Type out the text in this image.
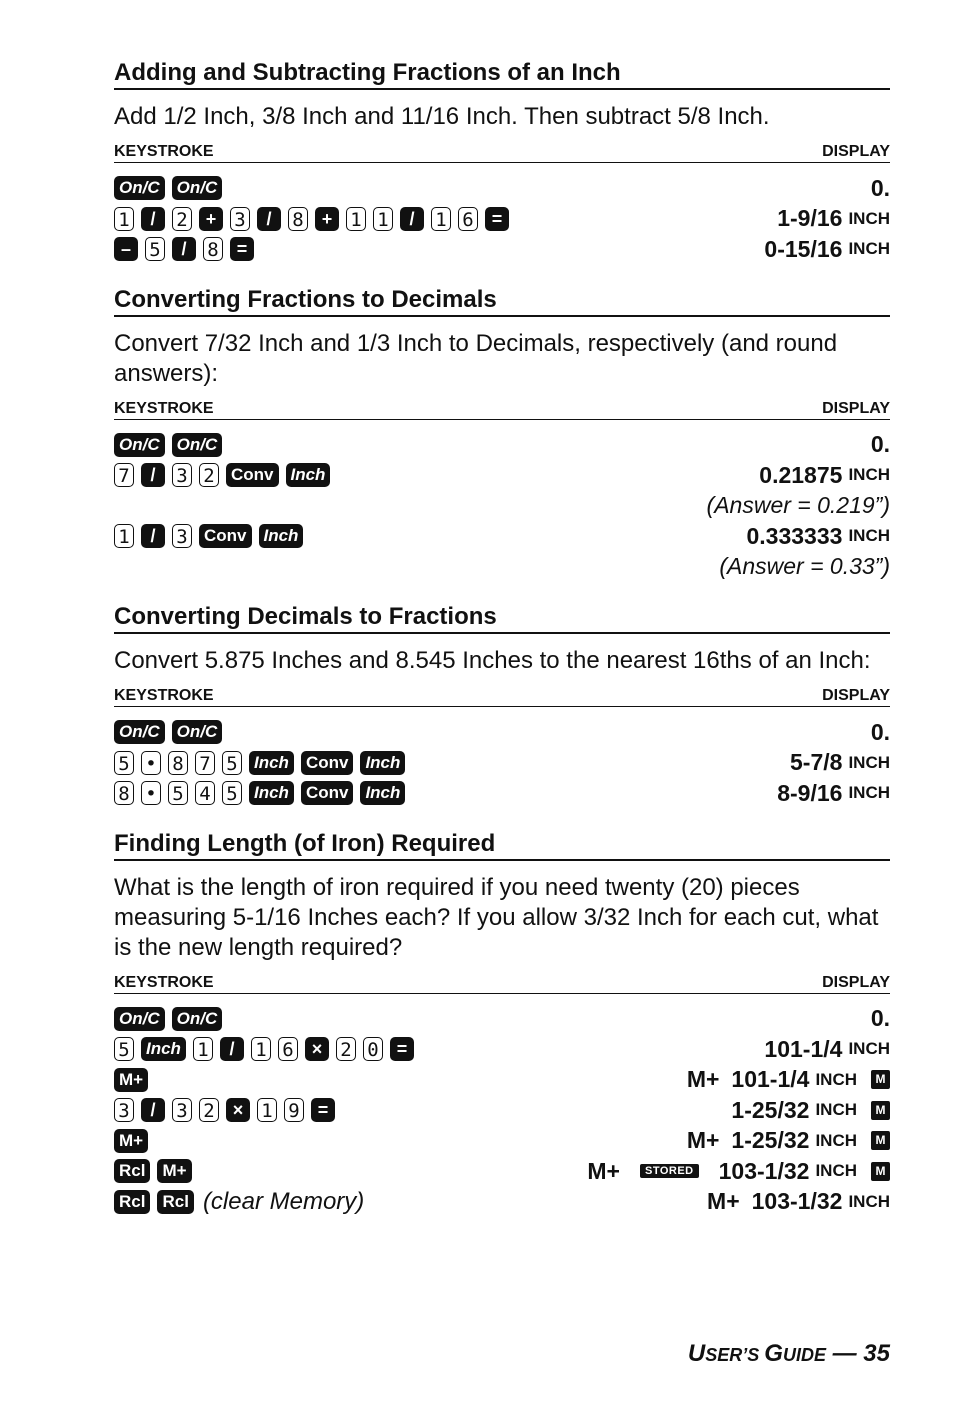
Adding and Subtracting Fractions of an Inch
Add 1/2 Inch, 3/8 Inch and 11/16 Inch. Then subtract 5/8 Inch.
KEYSTROKE	DISPLAY
On/C On/C	0.
1	/	2	+ 3	/	8	+ 1 1	/	1 6	=	1-9/16 INCH
– 5	/	8	=	0-15/16 INCH
Converting Fractions to Decimals
Convert 7/32 Inch and 1/3 Inch to Decimals, respectively (and round answers):
KEYSTROKE	DISPLAY
On/C On/C	0.
7	/	3 2 Conv Inch	0.21875 INCH
(Answer = 0.219”)
1	/	3 Conv Inch	0.333333 INCH
(Answer = 0.33”)
Converting Decimals to Fractions
Convert 5.875 Inches and 8.545 Inches to the nearest 16ths of an Inch:
KEYSTROKE	DISPLAY
On/C On/C	0.
5 • 8 7 5 Inch Conv Inch	5-7/8 INCH
8 • 5 4 5 Inch Conv Inch	8-9/16 INCH
Finding Length (of Iron) Required
What is the length of iron required if you need twenty (20) pieces measuring 5-1/16 Inches each? If you allow 3/32 Inch for each cut, what is the new length required?
KEYSTROKE	DISPLAY
On/C On/C	0.
5 Inch 1	/	1 6	× 2 0	=	101-1/4 INCH
M+	M+ 101-1/4 INCH	M
3	/	3 2	× 1 9	=	1-25/32 INCH	M
M+	M+ 1-25/32 INCH	M
Rcl M+	M+	STORED 103-1/32 INCH	M
Rcl Rcl (clear Memory)	M+ 103-1/32 INCH
USER’S GUIDE — 35
